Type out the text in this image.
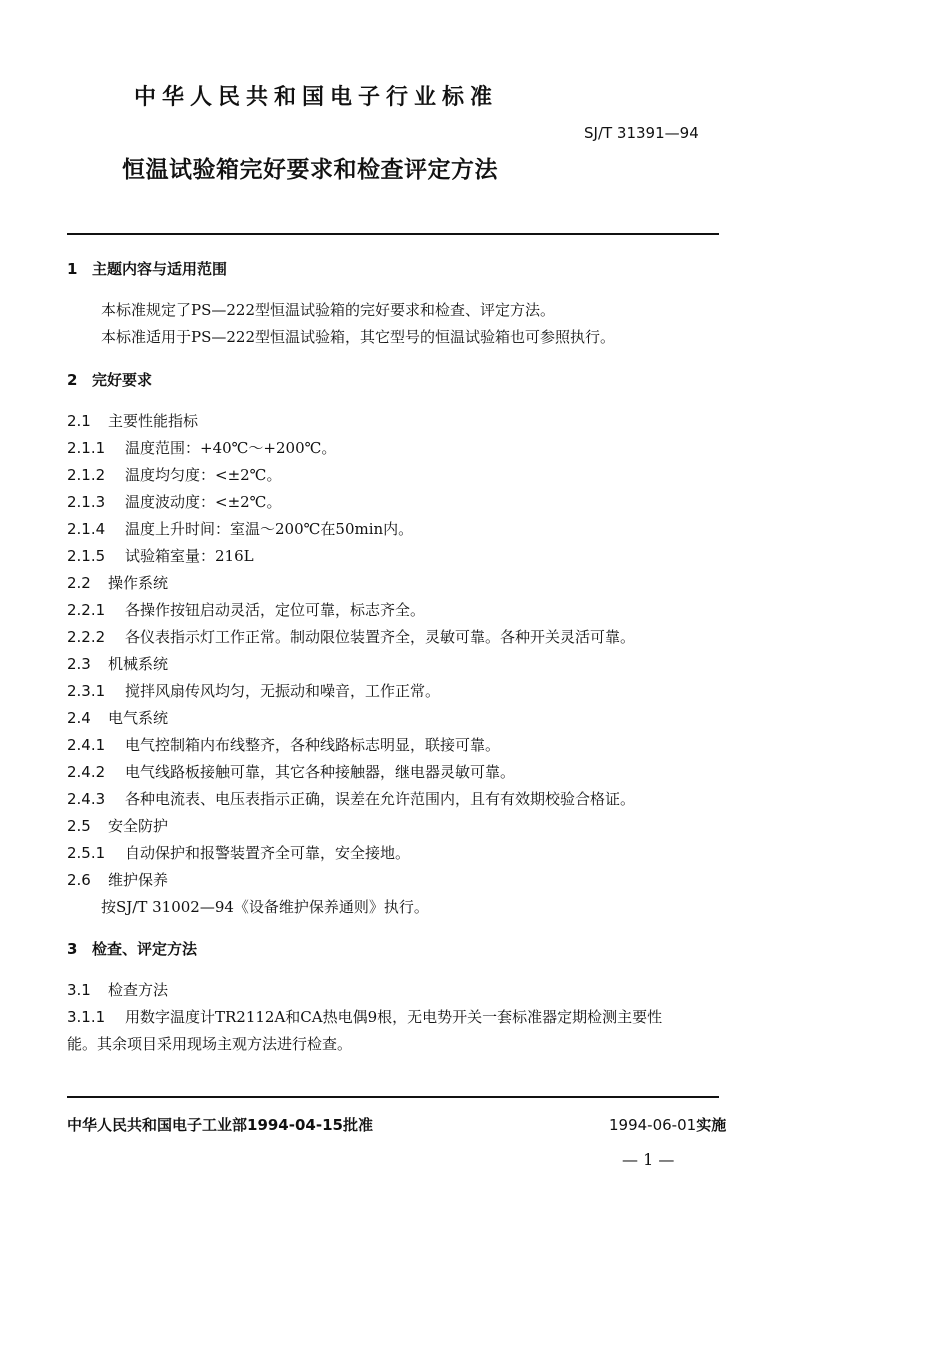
中华人民共和国电子行业标准
SJ/T 31391—94
恒温试验箱完好要求和检查评定方法
1 主题内容与适用范围
本标准规定了PS—222型恒温试验箱的完好要求和检查、评定方法。
本标准适用于PS—222型恒温试验箱，其它型号的恒温试验箱也可参照执行。
2 完好要求
2.1 主要性能指标
2.1.1 温度范围：+40℃～+200℃。
2.1.2 温度均匀度：<±2℃。
2.1.3 温度波动度：<±2℃。
2.1.4 温度上升时间：室温～200℃在50min内。
2.1.5 试验箱室量：216L
2.2 操作系统
2.2.1 各操作按钮启动灵活，定位可靠，标志齐全。
2.2.2 各仪表指示灯工作正常。制动限位装置齐全，灵敏可靠。各种开关灵活可靠。
2.3 机械系统
2.3.1 搅拌风扇传风均匀，无振动和噪音，工作正常。
2.4 电气系统
2.4.1 电气控制箱内布线整齐，各种线路标志明显，联接可靠。
2.4.2 电气线路板接触可靠，其它各种接触器，继电器灵敏可靠。
2.4.3 各种电流表、电压表指示正确，误差在允许范围内，且有有效期校验合格证。
2.5 安全防护
2.5.1 自动保护和报警装置齐全可靠，安全接地。
2.6 维护保养
按SJ/T 31002—94《设备维护保养通则》执行。
3 检查、评定方法
3.1 检查方法
3.1.1 用数字温度计TR2112A和CA热电偶9根，无电势开关一套标准器定期检测主要性
能。其余项目采用现场主观方法进行检查。
中华人民共和国电子工业部1994-04-15批准	1994-06-01实施
— 1 —
